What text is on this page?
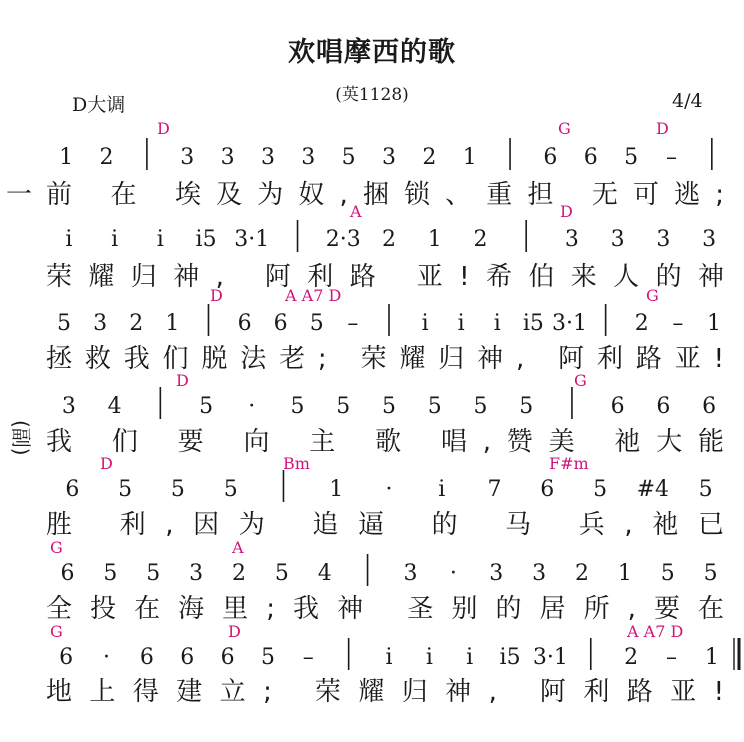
欢唱摩西的歌
(英1128)
D大调	4/4
一
(副)
1 2	3 3 3 3 5 3 2 1	6 6 5 –
前 在 埃及为奴,捆锁、重担 无可逃;
D	G	D
i i i i5 3·1	2·3 2 1 2	3 3 3 3
荣耀归神, 阿利路 亚!希伯来人的神
A	D
5 3 2 1	6 6 5 –	i i i i5 3·1 2 – 1
拯救我们脱法老; 荣耀归神, 阿利路亚!
G
D	A A7 D
3 4	5 · 5 5 5 5 5 5	6 6 6
我 们 要 向 主 歌 唱,赞美 祂大能
D	G
6 5 5 5	1 · i 7 6 5 #4 5
胜 利,因为 追逼 的 马 兵,祂已
D	Bm	F#m
6 5 5 3 2 5 4	3 · 3 3 2 1 5 5
全投在海里;我神 圣别的居所,要在
G	A
6 · 6 6 6 5 –	i i i i5 3·1	2 – 1
地上得建立; 荣耀归神, 阿利路亚!
G	D	A A7 D
